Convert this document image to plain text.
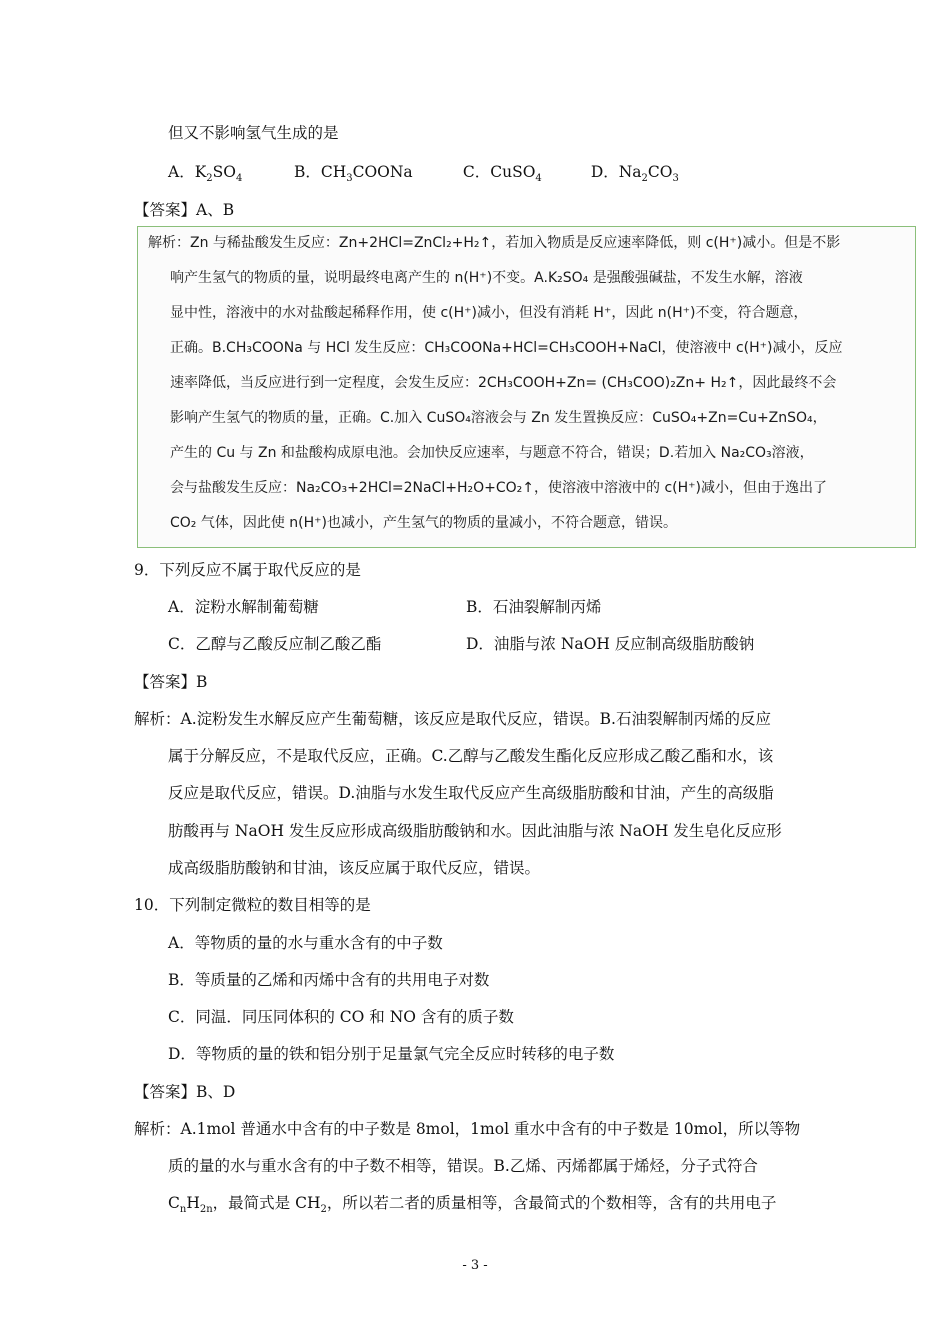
但又不影响氢气生成的是
A．$K_2SO_4$	B．$CH_3COONa$	C．CuSO$_4$	D．$Na_2CO_3$
【答案】A、B
解析：Zn 与稀盐酸发生反应：Zn+2HCl=ZnCl₂+H₂↑，若加入物质是反应速率降低，则 c(H⁺)减小。但是不影
响产生氢气的物质的量，说明最终电离产生的 n(H⁺)不变。A.K₂SO₄ 是强酸强碱盐，不发生水解，溶液
显中性，溶液中的水对盐酸起稀释作用，使 c(H⁺)减小，但没有消耗 H⁺，因此 n(H⁺)不变，符合题意，
正确。B.CH₃COONa 与 HCl 发生反应：CH₃COONa+HCl=CH₃COOH+NaCl，使溶液中 c(H⁺)减小，反应
速率降低，当反应进行到一定程度，会发生反应：2CH₃COOH+Zn= (CH₃COO)₂Zn+ H₂↑，因此最终不会
影响产生氢气的物质的量，正确。C.加入 CuSO₄溶液会与 Zn 发生置换反应：CuSO₄+Zn=Cu+ZnSO₄，
产生的 Cu 与 Zn 和盐酸构成原电池。会加快反应速率，与题意不符合，错误；D.若加入 Na₂CO₃溶液，
会与盐酸发生反应：Na₂CO₃+2HCl=2NaCl+H₂O+CO₂↑，使溶液中溶液中的 c(H⁺)减小，但由于逸出了
CO₂ 气体，因此使 n(H⁺)也减小，产生氢气的物质的量减小，不符合题意，错误。
9．下列反应不属于取代反应的是
A．淀粉水解制葡萄糖	B．石油裂解制丙烯
C．乙醇与乙酸反应制乙酸乙酯	D．油脂与浓 NaOH 反应制高级脂肪酸钠
【答案】B
解析：A.淀粉发生水解反应产生葡萄糖，该反应是取代反应，错误。B.石油裂解制丙烯的反应
属于分解反应，不是取代反应，正确。C.乙醇与乙酸发生酯化反应形成乙酸乙酯和水，该
反应是取代反应，错误。D.油脂与水发生取代反应产生高级脂肪酸和甘油，产生的高级脂
肪酸再与 NaOH 发生反应形成高级脂肪酸钠和水。因此油脂与浓 NaOH 发生皂化反应形
成高级脂肪酸钠和甘油，该反应属于取代反应，错误。
10．下列制定微粒的数目相等的是
A．等物质的量的水与重水含有的中子数
B．等质量的乙烯和丙烯中含有的共用电子对数
C．同温．同压同体积的 CO 和 NO 含有的质子数
D．等物质的量的铁和铝分别于足量氯气完全反应时转移的电子数
【答案】B、D
解析：A.1mol 普通水中含有的中子数是 8mol，1mol 重水中含有的中子数是 10mol，所以等物
质的量的水与重水含有的中子数不相等，错误。B.乙烯、丙烯都属于烯烃，分子式符合
$C_nH_{2n}$，最简式是 $CH_2$，所以若二者的质量相等，含最简式的个数相等，含有的共用电子
- 3 -
